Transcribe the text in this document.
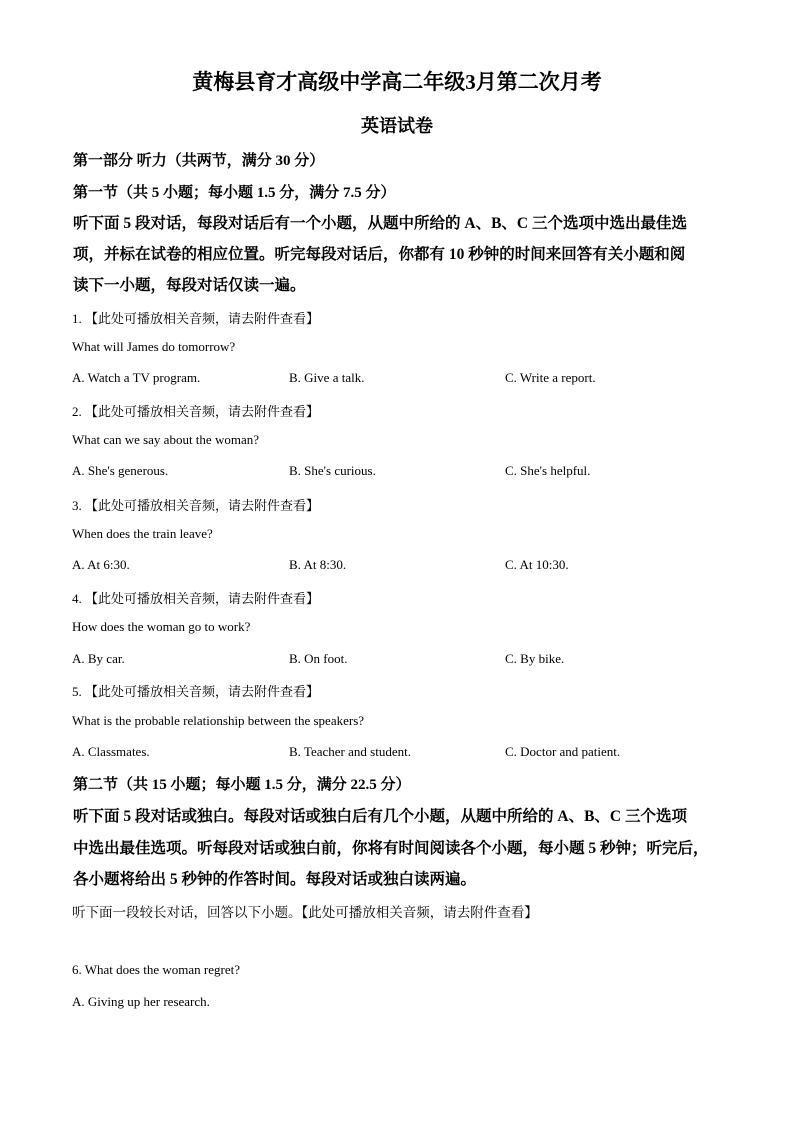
黄梅县育才高级中学高二年级3月第二次月考
英语试卷
第一部分 听力（共两节，满分 30 分）
第一节（共 5 小题；每小题 1.5 分，满分 7.5 分）
听下面 5 段对话，每段对话后有一个小题，从题中所给的 A、B、C 三个选项中选出最佳选
项，并标在试卷的相应位置。听完每段对话后，你都有 10 秒钟的时间来回答有关小题和阅
读下一小题，每段对话仅读一遍。
1. 【此处可播放相关音频，请去附件查看】
What will James do tomorrow?
A. Watch a TV program.	B. Give a talk.	C. Write a report.
2. 【此处可播放相关音频，请去附件查看】
What can we say about the woman?
A. She's generous.	B. She's curious.	C. She's helpful.
3. 【此处可播放相关音频，请去附件查看】
When does the train leave?
A. At 6:30.	B. At 8:30.	C. At 10:30.
4. 【此处可播放相关音频，请去附件查看】
How does the woman go to work?
A. By car.	B. On foot.	C. By bike.
5. 【此处可播放相关音频，请去附件查看】
What is the probable relationship between the speakers?
A. Classmates.	B. Teacher and student.	C. Doctor and patient.
第二节（共 15 小题；每小题 1.5 分，满分 22.5 分）
听下面 5 段对话或独白。每段对话或独白后有几个小题，从题中所给的 A、B、C 三个选项
中选出最佳选项。听每段对话或独白前，你将有时间阅读各个小题，每小题 5 秒钟；听完后，
各小题将给出 5 秒钟的作答时间。每段对话或独白读两遍。
听下面一段较长对话，回答以下小题。【此处可播放相关音频，请去附件查看】
6. What does the woman regret?
A. Giving up her research.
